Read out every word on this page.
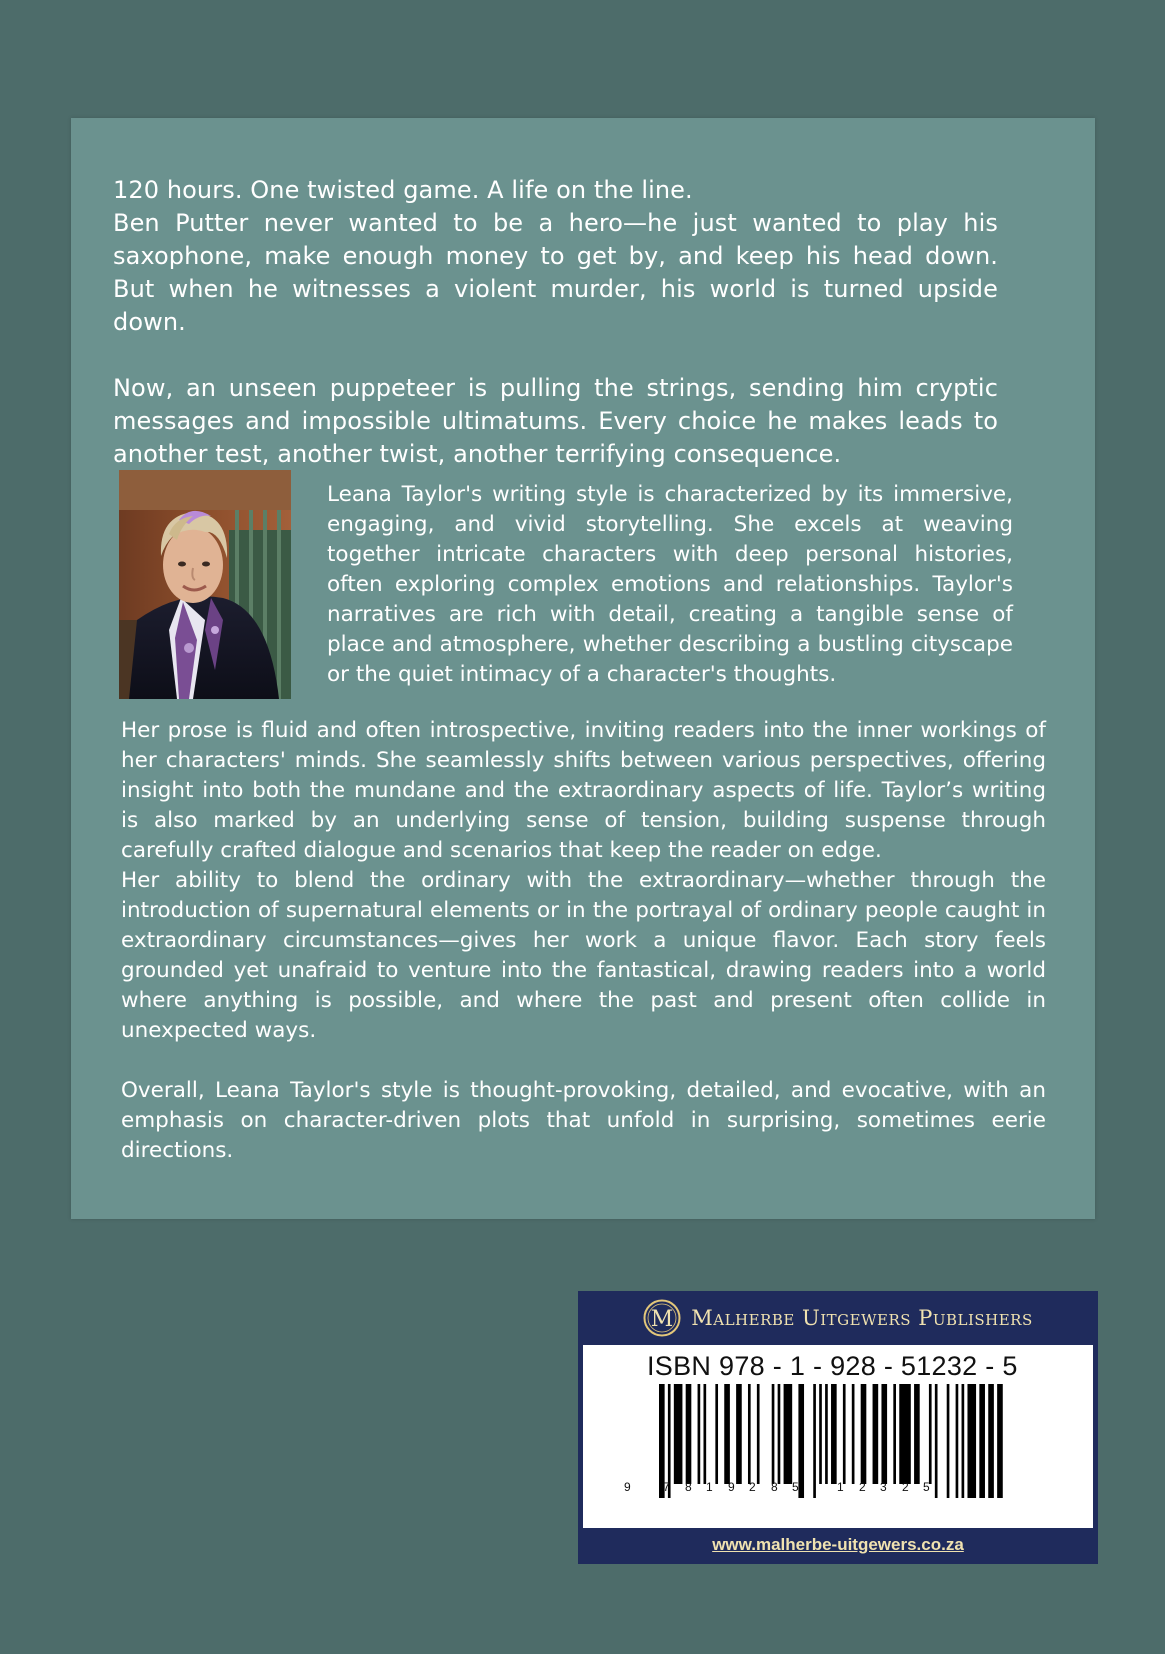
120 hours. One twisted game. A life on the line.

Ben Putter never wanted to be a hero—he just wanted to play his saxophone, make enough money to get by, and keep his head down. But when he witnesses a violent murder, his world is turned upside down.

Now, an unseen puppeteer is pulling the strings, sending him cryptic messages and impossible ultimatums. Every choice he makes leads to another test, another twist, another terrifying consequence.

Leana Taylor's writing style is characterized by its immersive, engaging, and vivid storytelling. She excels at weaving together intricate characters with deep personal histories, often exploring complex emotions and relationships. Taylor's narratives are rich with detail, creating a tangible sense of place and atmosphere, whether describing a bustling cityscape or the quiet intimacy of a character's thoughts.

Her prose is fluid and often introspective, inviting readers into the inner workings of her characters' minds. She seamlessly shifts between various perspectives, offering insight into both the mundane and the extraordinary aspects of life. Taylor’s writing is also marked by an underlying sense of tension, building suspense through carefully crafted dialogue and scenarios that keep the reader on edge.

Her ability to blend the ordinary with the extraordinary—whether through the introduction of supernatural elements or in the portrayal of ordinary people caught in extraordinary circumstances—gives her work a unique flavor. Each story feels grounded yet unafraid to venture into the fantastical, drawing readers into a world where anything is possible, and where the past and present often collide in unexpected ways.

Overall, Leana Taylor's style is thought-provoking, detailed, and evocative, with an emphasis on character-driven plots that unfold in surprising, sometimes eerie directions.

M Malherbe Uitgewers Publishers
ISBN 978 - 1 - 928 - 51232 - 5
9	7 8 1 9 2 8 5	1 2 3 2 5
www.malherbe-uitgewers.co.za
